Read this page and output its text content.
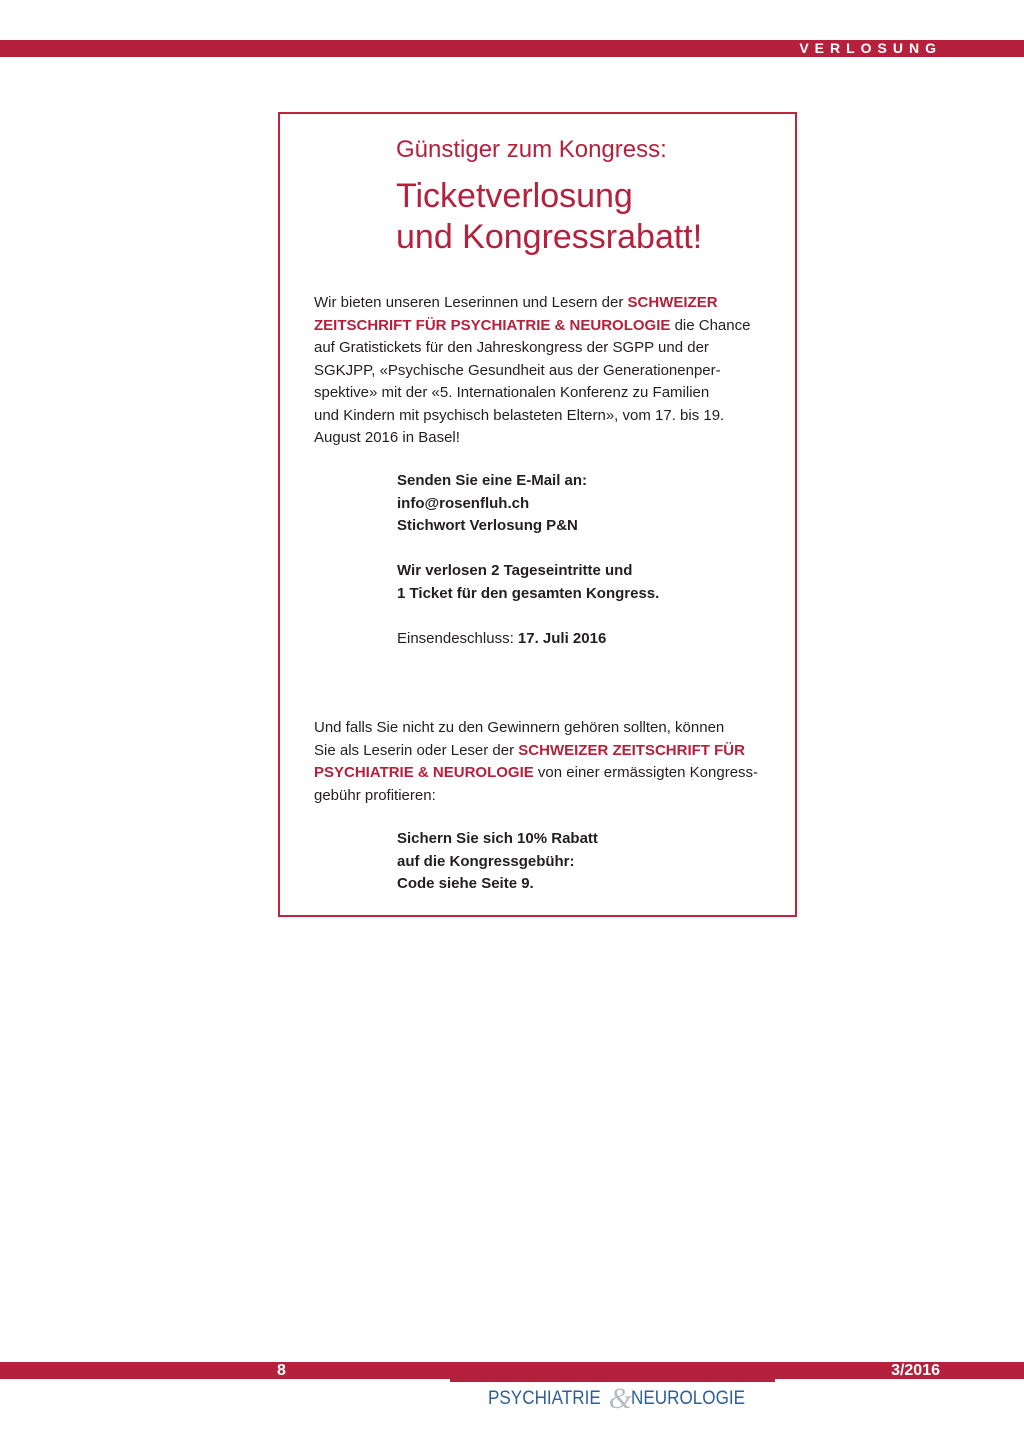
VERLOSUNG
Günstiger zum Kongress:
Ticketverlosung
und Kongressrabatt!

Wir bieten unseren Leserinnen und Lesern der SCHWEIZER
ZEITSCHRIFT FÜR PSYCHIATRIE & NEUROLOGIE die Chance
auf Gratistickets für den Jahreskongress der SGPP und der
SGKJPP, «Psychische Gesundheit aus der Generationenper-
spektive» mit der «5. Internationalen Konferenz zu Familien
und Kindern mit psychisch belasteten Eltern», vom 17. bis 19.
August 2016 in Basel!

Senden Sie eine E-Mail an:
info@rosenfluh.ch
Stichwort Verlosung P&N

Wir verlosen 2 Tageseintritte und
1 Ticket für den gesamten Kongress.

Einsendeschluss: 17. Juli 2016

Und falls Sie nicht zu den Gewinnern gehören sollten, können
Sie als Leserin oder Leser der SCHWEIZER ZEITSCHRIFT FÜR
PSYCHIATRIE & NEUROLOGIE von einer ermässigten Kongress-
gebühr profitieren:

Sichern Sie sich 10% Rabatt
auf die Kongressgebühr:
Code siehe Seite 9.

8	3/2016
PSYCHIATRIE & NEUROLOGIE
